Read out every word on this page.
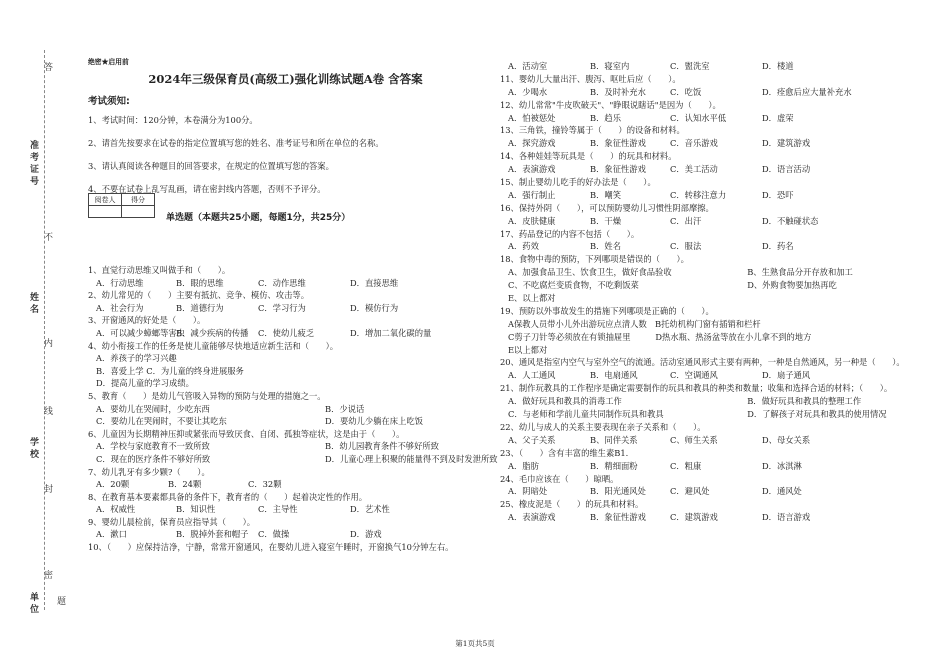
准考证号
姓名
学校
单位
答
不
内
线
封
密
题
绝密★启用前
2024年三级保育员(高级工)强化训练试题A卷 含答案
考试须知:
1、考试时间：120分钟，本卷满分为100分。
2、请首先按要求在试卷的指定位置填写您的姓名、准考证号和所在单位的名称。
3、请认真阅读各种题目的回答要求，在规定的位置填写您的答案。
4、不要在试卷上乱写乱画，请在密封线内答题，否则不予评分。
阅卷人	得分

单选题（本题共25小题，每题1分，共25分）
1、直觉行动思维又叫做手和（　　）。
A．行动思维	B．眼的思维	C．动作思维	D．直接思维
2、幼儿常见的（　　）主要有抵抗、竞争、模仿、攻击等。
A．社会行为	B．道德行为	C．学习行为	D．模仿行为
3、开窗通风的好处是（　　）。
A．可以减少蟑螂等害虫
B．减少疾病的传播 C．使幼儿疲乏	D．增加二氧化碳的量
4、幼小衔接工作的任务是使儿童能够尽快地适应新生活和（　　）。
A．养孩子的学习兴趣
B．喜爱上学 C．为儿童的终身进展服务
D．提高儿童的学习成绩。
5、教育（　　）是幼儿气管吸入异物的预防与处理的措施之一。
A．要幼儿在哭闹时，少吃东西	B．少说话
C．要幼儿在哭闹时，不要让其吃东	D．要幼儿少躺在床上吃饭
6、儿童因为长期精神压抑或紧张而导致厌食、自闭、孤独等症状，这是由于（　　）。
A．学校与家庭教育不一致所致	B．幼儿园教育条件不够好所致
C．现在的医疗条件不够好所致	D．儿童心理上积聚的能量得不到及时发泄所致
7、幼儿乳牙有多少颗?（　　）。
A．20颗	B．24颗	C．32颗
8、在教育基本要素都具备的条件下，教育者的（　　）起着决定性的作用。
A．权威性	B．知识性	C．主导性	D．艺术性
9、婴幼儿晨检前，保育员应指导其（　　）。
A．漱口	B．脱掉外套和帽子 C．做操	D．游戏
10、（　　）应保持洁净，宁静，常常开窗通风，在婴幼儿进入寝室午睡时，开窗换气10分钟左右。
A．活动室	B．寝室内	C．盥洗室	D．楼道
11、婴幼儿大量出汗、腹泻、呕吐后应（　　）。
A．少喝水	B．及时补充水	C．吃饭	D．痊愈后应大量补充水
12、幼儿常常"牛皮吹破天"、"睁眼说瞎话"是因为（　　）。
A．怕被惩处	B．趋乐	C．认知水平低	D．虚荣
13、三角铁，撞铃等属于（　　）的设备和材料。
A．探究游戏	B．象征性游戏	C．音乐游戏	D．建筑游戏
14、各种娃娃等玩具是（　　）的玩具和材料。
A．表演游戏	B．象征性游戏	C．美工活动	D．语言活动
15、制止婴幼儿吃手的好办法是（　　）。
A．强行制止	B．嘲笑	C．转移注意力	D．恐吓
16、保持外阴（　　），可以预防婴幼儿习惯性阴部摩擦。
A．皮肤健康	B．干燥	C．出汗	D．不触碰状态
17、药品登记的内容不包括（　　）。
A．药效	B．姓名	C．服法	D．药名
18、食物中毒的预防，下列哪项是错误的（　　）。
A、加强食品卫生、饮食卫生，做好食品验收	B、生熟食品分开存放和加工
C、不吃腐烂变质食物，不吃剩饭菜	D、外购食物要加热再吃
E、以上都对
19、预防以外事故发生的措施下列哪项是正确的（　　）。
A保教人员带小儿外出游玩应点清人数　B托幼机构门窗有插销和栏杆
C剪子刀针等必须放在有锁抽屉里　　　D热水瓶、热汤盆等放在小儿拿不到的地方
E以上都对
20、通风是指室内空气与室外空气的流通。活动室通风形式主要有两种，一种是自然通风，另一种是（　　）。
A．人工通风	B．电扇通风	C．空调通风	D．扇子通风
21、制作玩教具的工作程序是确定需要制作的玩具和教具的种类和数量；收集和选择合适的材料；（　　）。
A．做好玩具和教具的消毒工作	B．做好玩具和教具的整理工作
C．与老师和学前儿童共同制作玩具和教具	D．了解孩子对玩具和教具的使用情况
22、幼儿与成人的关系主要表现在亲子关系和（　　）。
A、父子关系	B、同伴关系	C、师生关系	D、母女关系
23、（　　）含有丰富的维生素B1.
A．脂肪	B．精细面粉	C．粗康	D．冰淇淋
24、毛巾应该在（　　）晾晒。
A．阴暗处	B．阳光通风处	C．避风处	D．通风处
25、橡皮泥是（　　）的玩具和材料。
A．表演游戏	B．象征性游戏	C．建筑游戏	D．语言游戏
第1页共5页
